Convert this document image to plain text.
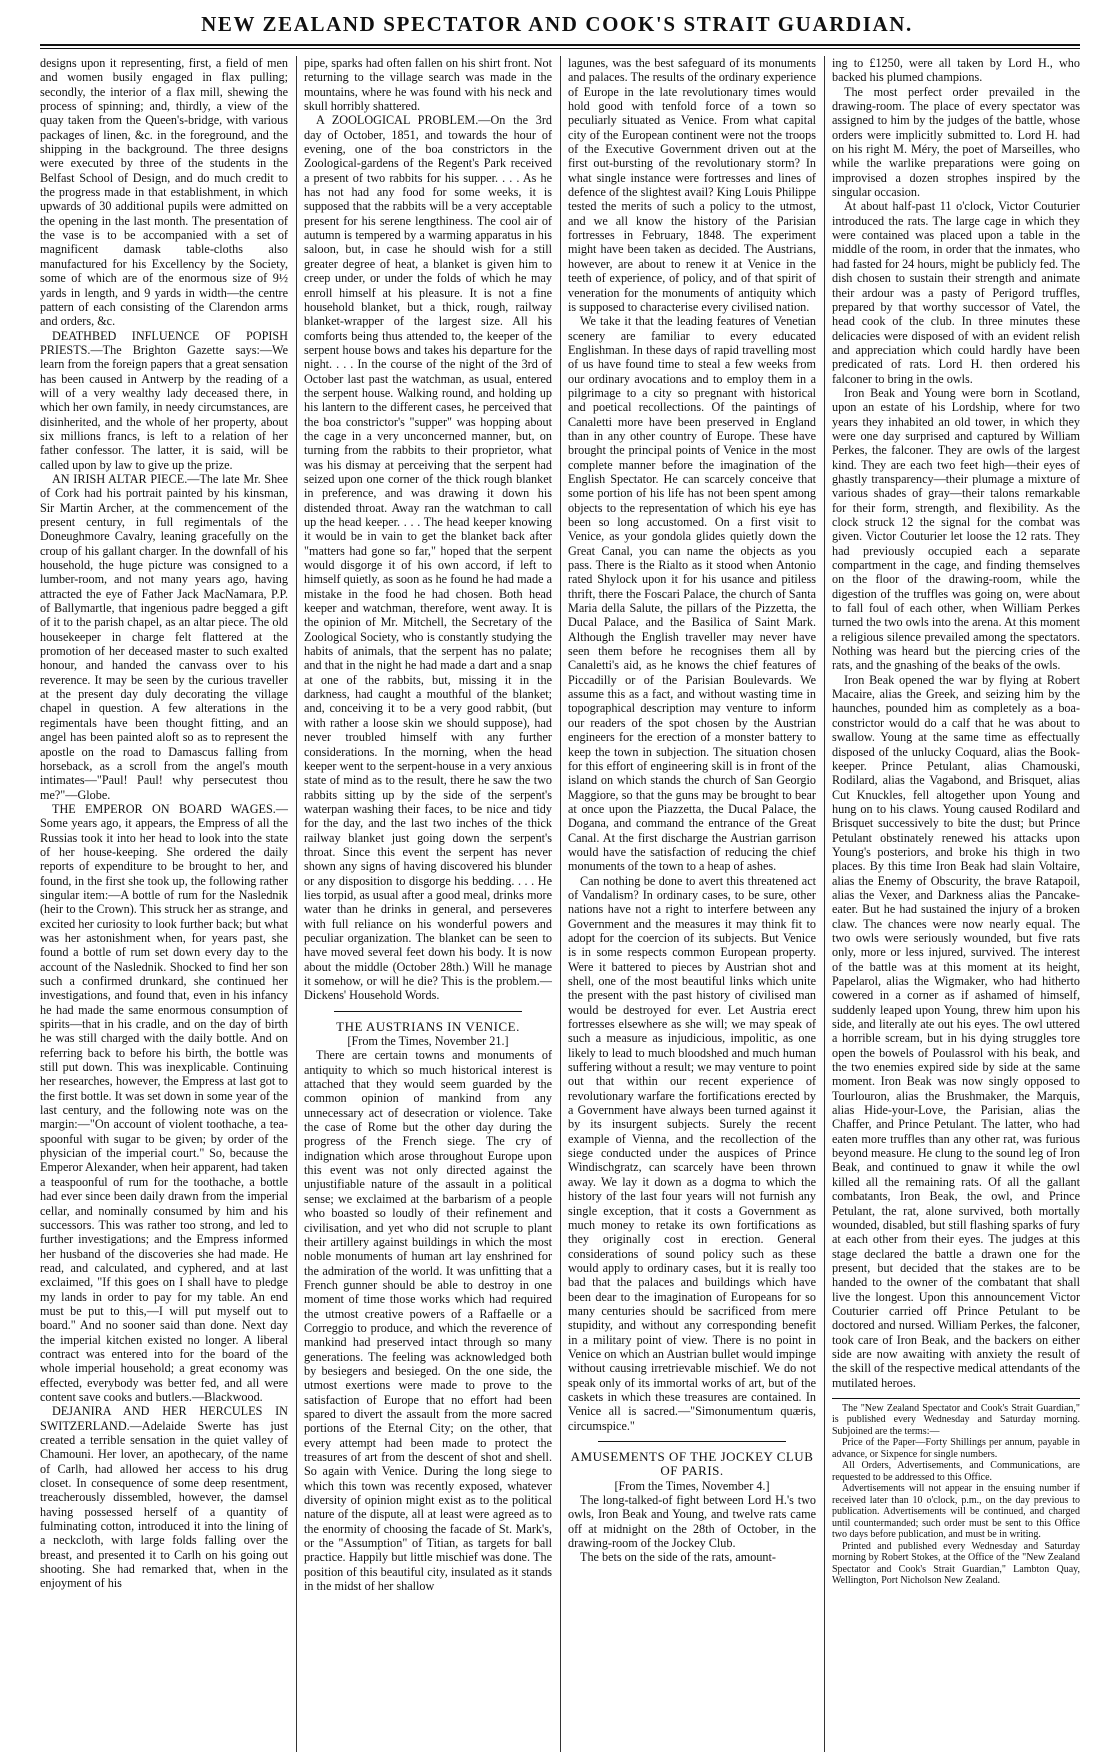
NEW ZEALAND SPECTATOR AND COOK'S STRAIT GUARDIAN.

designs upon it representing, first, a field of men and women busily engaged in flax pulling; secondly, the interior of a flax mill, shewing the process of spinning; and, thirdly, a view of the quay taken from the Queen's-bridge, with various packages of linen, &c. in the foreground, and the shipping in the background. The three designs were executed by three of the students in the Belfast School of Design, and do much credit to the progress made in that establishment, in which upwards of 30 additional pupils were admitted on the opening in the last month. The presentation of the vase is to be accompanied with a set of magnificent damask table-cloths also manufactured for his Excellency by the Society, some of which are of the enormous size of 9½ yards in length, and 9 yards in width—the centre pattern of each consisting of the Clarendon arms and orders, &c.

DEATHBED INFLUENCE OF POPISH PRIESTS.—The Brighton Gazette says:—We learn from the foreign papers that a great sensation has been caused in Antwerp by the reading of a will of a very wealthy lady deceased there, in which her own family, in needy circumstances, are disinherited, and the whole of her property, about six millions francs, is left to a relation of her father confessor. The latter, it is said, will be called upon by law to give up the prize.

AN IRISH ALTAR PIECE.—The late Mr. Shee of Cork had his portrait painted by his kinsman, Sir Martin Archer, at the commencement of the present century, in full regimentals of the Doneughmore Cavalry, leaning gracefully on the croup of his gallant charger. In the downfall of his household, the huge picture was consigned to a lumber-room, and not many years ago, having attracted the eye of Father Jack MacNamara, P.P. of Ballymartle, that ingenious padre begged a gift of it to the parish chapel, as an altar piece. The old housekeeper in charge felt flattered at the promotion of her deceased master to such exalted honour, and handed the canvass over to his reverence. It may be seen by the curious traveller at the present day duly decorating the village chapel in question. A few alterations in the regimentals have been thought fitting, and an angel has been painted aloft so as to represent the apostle on the road to Damascus falling from horseback, as a scroll from the angel's mouth intimates—"Paul! Paul! why persecutest thou me?"—Globe.

THE EMPEROR ON BOARD WAGES.—Some years ago, it appears, the Empress of all the Russias took it into her head to look into the state of her house-keeping. She ordered the daily reports of expenditure to be brought to her, and found, in the first she took up, the following rather singular item:—A bottle of rum for the Naslednik (heir to the Crown). This struck her as strange, and excited her curiosity to look further back; but what was her astonishment when, for years past, she found a bottle of rum set down every day to the account of the Naslednik. Shocked to find her son such a confirmed drunkard, she continued her investigations, and found that, even in his infancy he had made the same enormous consumption of spirits—that in his cradle, and on the day of birth he was still charged with the daily bottle. And on referring back to before his birth, the bottle was still put down. This was inexplicable. Continuing her researches, however, the Empress at last got to the first bottle. It was set down in some year of the last century, and the following note was on the margin:—"On account of violent toothache, a tea-spoonful with sugar to be given; by order of the physician of the imperial court." So, because the Emperor Alexander, when heir apparent, had taken a teaspoonful of rum for the toothache, a bottle had ever since been daily drawn from the imperial cellar, and nominally consumed by him and his successors. This was rather too strong, and led to further investigations; and the Empress informed her husband of the discoveries she had made. He read, and calculated, and cyphered, and at last exclaimed, "If this goes on I shall have to pledge my lands in order to pay for my table. An end must be put to this,—I will put myself out to board." And no sooner said than done. Next day the imperial kitchen existed no longer. A liberal contract was entered into for the board of the whole imperial household; a great economy was effected, everybody was better fed, and all were content save cooks and butlers.—Blackwood.

DEJANIRA AND HER HERCULES IN SWITZERLAND.—Adelaide Swerte has just created a terrible sensation in the quiet valley of Chamouni. Her lover, an apothecary, of the name of Carlh, had allowed her access to his drug closet. In consequence of some deep resentment, treacherously dissembled, however, the damsel having possessed herself of a quantity of fulminating cotton, introduced it into the lining of a neckcloth, with large folds falling over the breast, and presented it to Carlh on his going out shooting. She had remarked that, when in the enjoyment of his

pipe, sparks had often fallen on his shirt front. Not returning to the village search was made in the mountains, where he was found with his neck and skull horribly shattered.

A ZOOLOGICAL PROBLEM.—On the 3rd day of October, 1851, and towards the hour of evening, one of the boa constrictors in the Zoological-gardens of the Regent's Park received a present of two rabbits for his supper. . . . As he has not had any food for some weeks, it is supposed that the rabbits will be a very acceptable present for his serene lengthiness. The cool air of autumn is tempered by a warming apparatus in his saloon, but, in case he should wish for a still greater degree of heat, a blanket is given him to creep under, or under the folds of which he may enroll himself at his pleasure. It is not a fine household blanket, but a thick, rough, railway blanket-wrapper of the largest size. All his comforts being thus attended to, the keeper of the serpent house bows and takes his departure for the night. . . . In the course of the night of the 3rd of October last past the watchman, as usual, entered the serpent house. Walking round, and holding up his lantern to the different cases, he perceived that the boa constrictor's "supper" was hopping about the cage in a very unconcerned manner, but, on turning from the rabbits to their proprietor, what was his dismay at perceiving that the serpent had seized upon one corner of the thick rough blanket in preference, and was drawing it down his distended throat. Away ran the watchman to call up the head keeper. . . . The head keeper knowing it would be in vain to get the blanket back after "matters had gone so far," hoped that the serpent would disgorge it of his own accord, if left to himself quietly, as soon as he found he had made a mistake in the food he had chosen. Both head keeper and watchman, therefore, went away. It is the opinion of Mr. Mitchell, the Secretary of the Zoological Society, who is constantly studying the habits of animals, that the serpent has no palate; and that in the night he had made a dart and a snap at one of the rabbits, but, missing it in the darkness, had caught a mouthful of the blanket; and, conceiving it to be a very good rabbit, (but with rather a loose skin we should suppose), had never troubled himself with any further considerations. In the morning, when the head keeper went to the serpent-house in a very anxious state of mind as to the result, there he saw the two rabbits sitting up by the side of the serpent's waterpan washing their faces, to be nice and tidy for the day, and the last two inches of the thick railway blanket just going down the serpent's throat. Since this event the serpent has never shown any signs of having discovered his blunder or any disposition to disgorge his bedding. . . . He lies torpid, as usual after a good meal, drinks more water than he drinks in general, and perseveres with full reliance on his wonderful powers and peculiar organization. The blanket can be seen to have moved several feet down his body. It is now about the middle (October 28th.) Will he manage it somehow, or will he die? This is the problem.—Dickens' Household Words.

THE AUSTRIANS IN VENICE.

[From the Times, November 21.]

There are certain towns and monuments of antiquity to which so much historical interest is attached that they would seem guarded by the common opinion of mankind from any unnecessary act of desecration or violence. Take the case of Rome but the other day during the progress of the French siege. The cry of indignation which arose throughout Europe upon this event was not only directed against the unjustifiable nature of the assault in a political sense; we exclaimed at the barbarism of a people who boasted so loudly of their refinement and civilisation, and yet who did not scruple to plant their artillery against buildings in which the most noble monuments of human art lay enshrined for the admiration of the world. It was unfitting that a French gunner should be able to destroy in one moment of time those works which had required the utmost creative powers of a Raffaelle or a Correggio to produce, and which the reverence of mankind had preserved intact through so many generations. The feeling was acknowledged both by besiegers and besieged. On the one side, the utmost exertions were made to prove to the satisfaction of Europe that no effort had been spared to divert the assault from the more sacred portions of the Eternal City; on the other, that every attempt had been made to protect the treasures of art from the descent of shot and shell. So again with Venice. During the long siege to which this town was recently exposed, whatever diversity of opinion might exist as to the political nature of the dispute, all at least were agreed as to the enormity of choosing the facade of St. Mark's, or the "Assumption" of Titian, as targets for ball practice. Happily but little mischief was done. The position of this beautiful city, insulated as it stands in the midst of her shallow

lagunes, was the best safeguard of its monuments and palaces. The results of the ordinary experience of Europe in the late revolutionary times would hold good with tenfold force of a town so peculiarly situated as Venice. From what capital city of the European continent were not the troops of the Executive Government driven out at the first out-bursting of the revolutionary storm? In what single instance were fortresses and lines of defence of the slightest avail? King Louis Philippe tested the merits of such a policy to the utmost, and we all know the history of the Parisian fortresses in February, 1848. The experiment might have been taken as decided. The Austrians, however, are about to renew it at Venice in the teeth of experience, of policy, and of that spirit of veneration for the monuments of antiquity which is supposed to characterise every civilised nation.

We take it that the leading features of Venetian scenery are familiar to every educated Englishman. In these days of rapid travelling most of us have found time to steal a few weeks from our ordinary avocations and to employ them in a pilgrimage to a city so pregnant with historical and poetical recollections. Of the paintings of Canaletti more have been preserved in England than in any other country of Europe. These have brought the principal points of Venice in the most complete manner before the imagination of the English Spectator. He can scarcely conceive that some portion of his life has not been spent among objects to the representation of which his eye has been so long accustomed. On a first visit to Venice, as your gondola glides quietly down the Great Canal, you can name the objects as you pass. There is the Rialto as it stood when Antonio rated Shylock upon it for his usance and pitiless thrift, there the Foscari Palace, the church of Santa Maria della Salute, the pillars of the Pizzetta, the Ducal Palace, and the Basilica of Saint Mark. Although the English traveller may never have seen them before he recognises them all by Canaletti's aid, as he knows the chief features of Piccadilly or of the Parisian Boulevards. We assume this as a fact, and without wasting time in topographical description may venture to inform our readers of the spot chosen by the Austrian engineers for the erection of a monster battery to keep the town in subjection. The situation chosen for this effort of engineering skill is in front of the island on which stands the church of San Georgio Maggiore, so that the guns may be brought to bear at once upon the Piazzetta, the Ducal Palace, the Dogana, and command the entrance of the Great Canal. At the first discharge the Austrian garrison would have the satisfaction of reducing the chief monuments of the town to a heap of ashes.

Can nothing be done to avert this threatened act of Vandalism? In ordinary cases, to be sure, other nations have not a right to interfere between any Government and the measures it may think fit to adopt for the coercion of its subjects. But Venice is in some respects common European property. Were it battered to pieces by Austrian shot and shell, one of the most beautiful links which unite the present with the past history of civilised man would be destroyed for ever. Let Austria erect fortresses elsewhere as she will; we may speak of such a measure as injudicious, impolitic, as one likely to lead to much bloodshed and much human suffering without a result; we may venture to point out that within our recent experience of revolutionary warfare the fortifications erected by a Government have always been turned against it by its insurgent subjects. Surely the recent example of Vienna, and the recollection of the siege conducted under the auspices of Prince Windischgratz, can scarcely have been thrown away. We lay it down as a dogma to which the history of the last four years will not furnish any single exception, that it costs a Government as much money to retake its own fortifications as they originally cost in erection. General considerations of sound policy such as these would apply to ordinary cases, but it is really too bad that the palaces and buildings which have been dear to the imagination of Europeans for so many centuries should be sacrificed from mere stupidity, and without any corresponding benefit in a military point of view. There is no point in Venice on which an Austrian bullet would impinge without causing irretrievable mischief. We do not speak only of its immortal works of art, but of the caskets in which these treasures are contained. In Venice all is sacred.—"Simonumentum quæris, circumspice."

AMUSEMENTS OF THE JOCKEY CLUB OF PARIS.

[From the Times, November 4.]

The long-talked-of fight between Lord H.'s two owls, Iron Beak and Young, and twelve rats came off at midnight on the 28th of October, in the drawing-room of the Jockey Club.

The bets on the side of the rats, amount-

ing to £1250, were all taken by Lord H., who backed his plumed champions.

The most perfect order prevailed in the drawing-room. The place of every spectator was assigned to him by the judges of the battle, whose orders were implicitly submitted to. Lord H. had on his right M. Méry, the poet of Marseilles, who while the warlike preparations were going on improvised a dozen strophes inspired by the singular occasion.

At about half-past 11 o'clock, Victor Couturier introduced the rats. The large cage in which they were contained was placed upon a table in the middle of the room, in order that the inmates, who had fasted for 24 hours, might be publicly fed. The dish chosen to sustain their strength and animate their ardour was a pasty of Perigord truffles, prepared by that worthy successor of Vatel, the head cook of the club. In three minutes these delicacies were disposed of with an evident relish and appreciation which could hardly have been predicated of rats. Lord H. then ordered his falconer to bring in the owls.

Iron Beak and Young were born in Scotland, upon an estate of his Lordship, where for two years they inhabited an old tower, in which they were one day surprised and captured by William Perkes, the falconer. They are owls of the largest kind. They are each two feet high—their eyes of ghastly transparency—their plumage a mixture of various shades of gray—their talons remarkable for their form, strength, and flexibility. As the clock struck 12 the signal for the combat was given. Victor Couturier let loose the 12 rats. They had previously occupied each a separate compartment in the cage, and finding themselves on the floor of the drawing-room, while the digestion of the truffles was going on, were about to fall foul of each other, when William Perkes turned the two owls into the arena. At this moment a religious silence prevailed among the spectators. Nothing was heard but the piercing cries of the rats, and the gnashing of the beaks of the owls.

Iron Beak opened the war by flying at Robert Macaire, alias the Greek, and seizing him by the haunches, pounded him as completely as a boa-constrictor would do a calf that he was about to swallow. Young at the same time as effectually disposed of the unlucky Coquard, alias the Book-keeper. Prince Petulant, alias Chamouski, Rodilard, alias the Vagabond, and Brisquet, alias Cut Knuckles, fell altogether upon Young and hung on to his claws. Young caused Rodilard and Brisquet successively to bite the dust; but Prince Petulant obstinately renewed his attacks upon Young's posteriors, and broke his thigh in two places. By this time Iron Beak had slain Voltaire, alias the Enemy of Obscurity, the brave Ratapoil, alias the Vexer, and Darkness alias the Pancake-eater. But he had sustained the injury of a broken claw. The chances were now nearly equal. The two owls were seriously wounded, but five rats only, more or less injured, survived. The interest of the battle was at this moment at its height, Papelarol, alias the Wigmaker, who had hitherto cowered in a corner as if ashamed of himself, suddenly leaped upon Young, threw him upon his side, and literally ate out his eyes. The owl uttered a horrible scream, but in his dying struggles tore open the bowels of Poulassrol with his beak, and the two enemies expired side by side at the same moment. Iron Beak was now singly opposed to Tourlouron, alias the Brushmaker, the Marquis, alias Hide-your-Love, the Parisian, alias the Chaffer, and Prince Petulant. The latter, who had eaten more truffles than any other rat, was furious beyond measure. He clung to the sound leg of Iron Beak, and continued to gnaw it while the owl killed all the remaining rats. Of all the gallant combatants, Iron Beak, the owl, and Prince Petulant, the rat, alone survived, both mortally wounded, disabled, but still flashing sparks of fury at each other from their eyes. The judges at this stage declared the battle a drawn one for the present, but decided that the stakes are to be handed to the owner of the combatant that shall live the longest. Upon this announcement Victor Couturier carried off Prince Petulant to be doctored and nursed. William Perkes, the falconer, took care of Iron Beak, and the backers on either side are now awaiting with anxiety the result of the skill of the respective medical attendants of the mutilated heroes.

The "New Zealand Spectator and Cook's Strait Guardian," is published every Wednesday and Saturday morning. Subjoined are the terms:—

Price of the Paper—Forty Shillings per annum, payable in advance, or Sixpence for single numbers.

All Orders, Advertisements, and Communications, are requested to be addressed to this Office.

Advertisements will not appear in the ensuing number if received later than 10 o'clock, p.m., on the day previous to publication. Advertisements will be continued, and charged until countermanded; such order must be sent to this Office two days before publication, and must be in writing.

Printed and published every Wednesday and Saturday morning by Robert Stokes, at the Office of the "New Zealand Spectator and Cook's Strait Guardian," Lambton Quay, Wellington, Port Nicholson New Zealand.
